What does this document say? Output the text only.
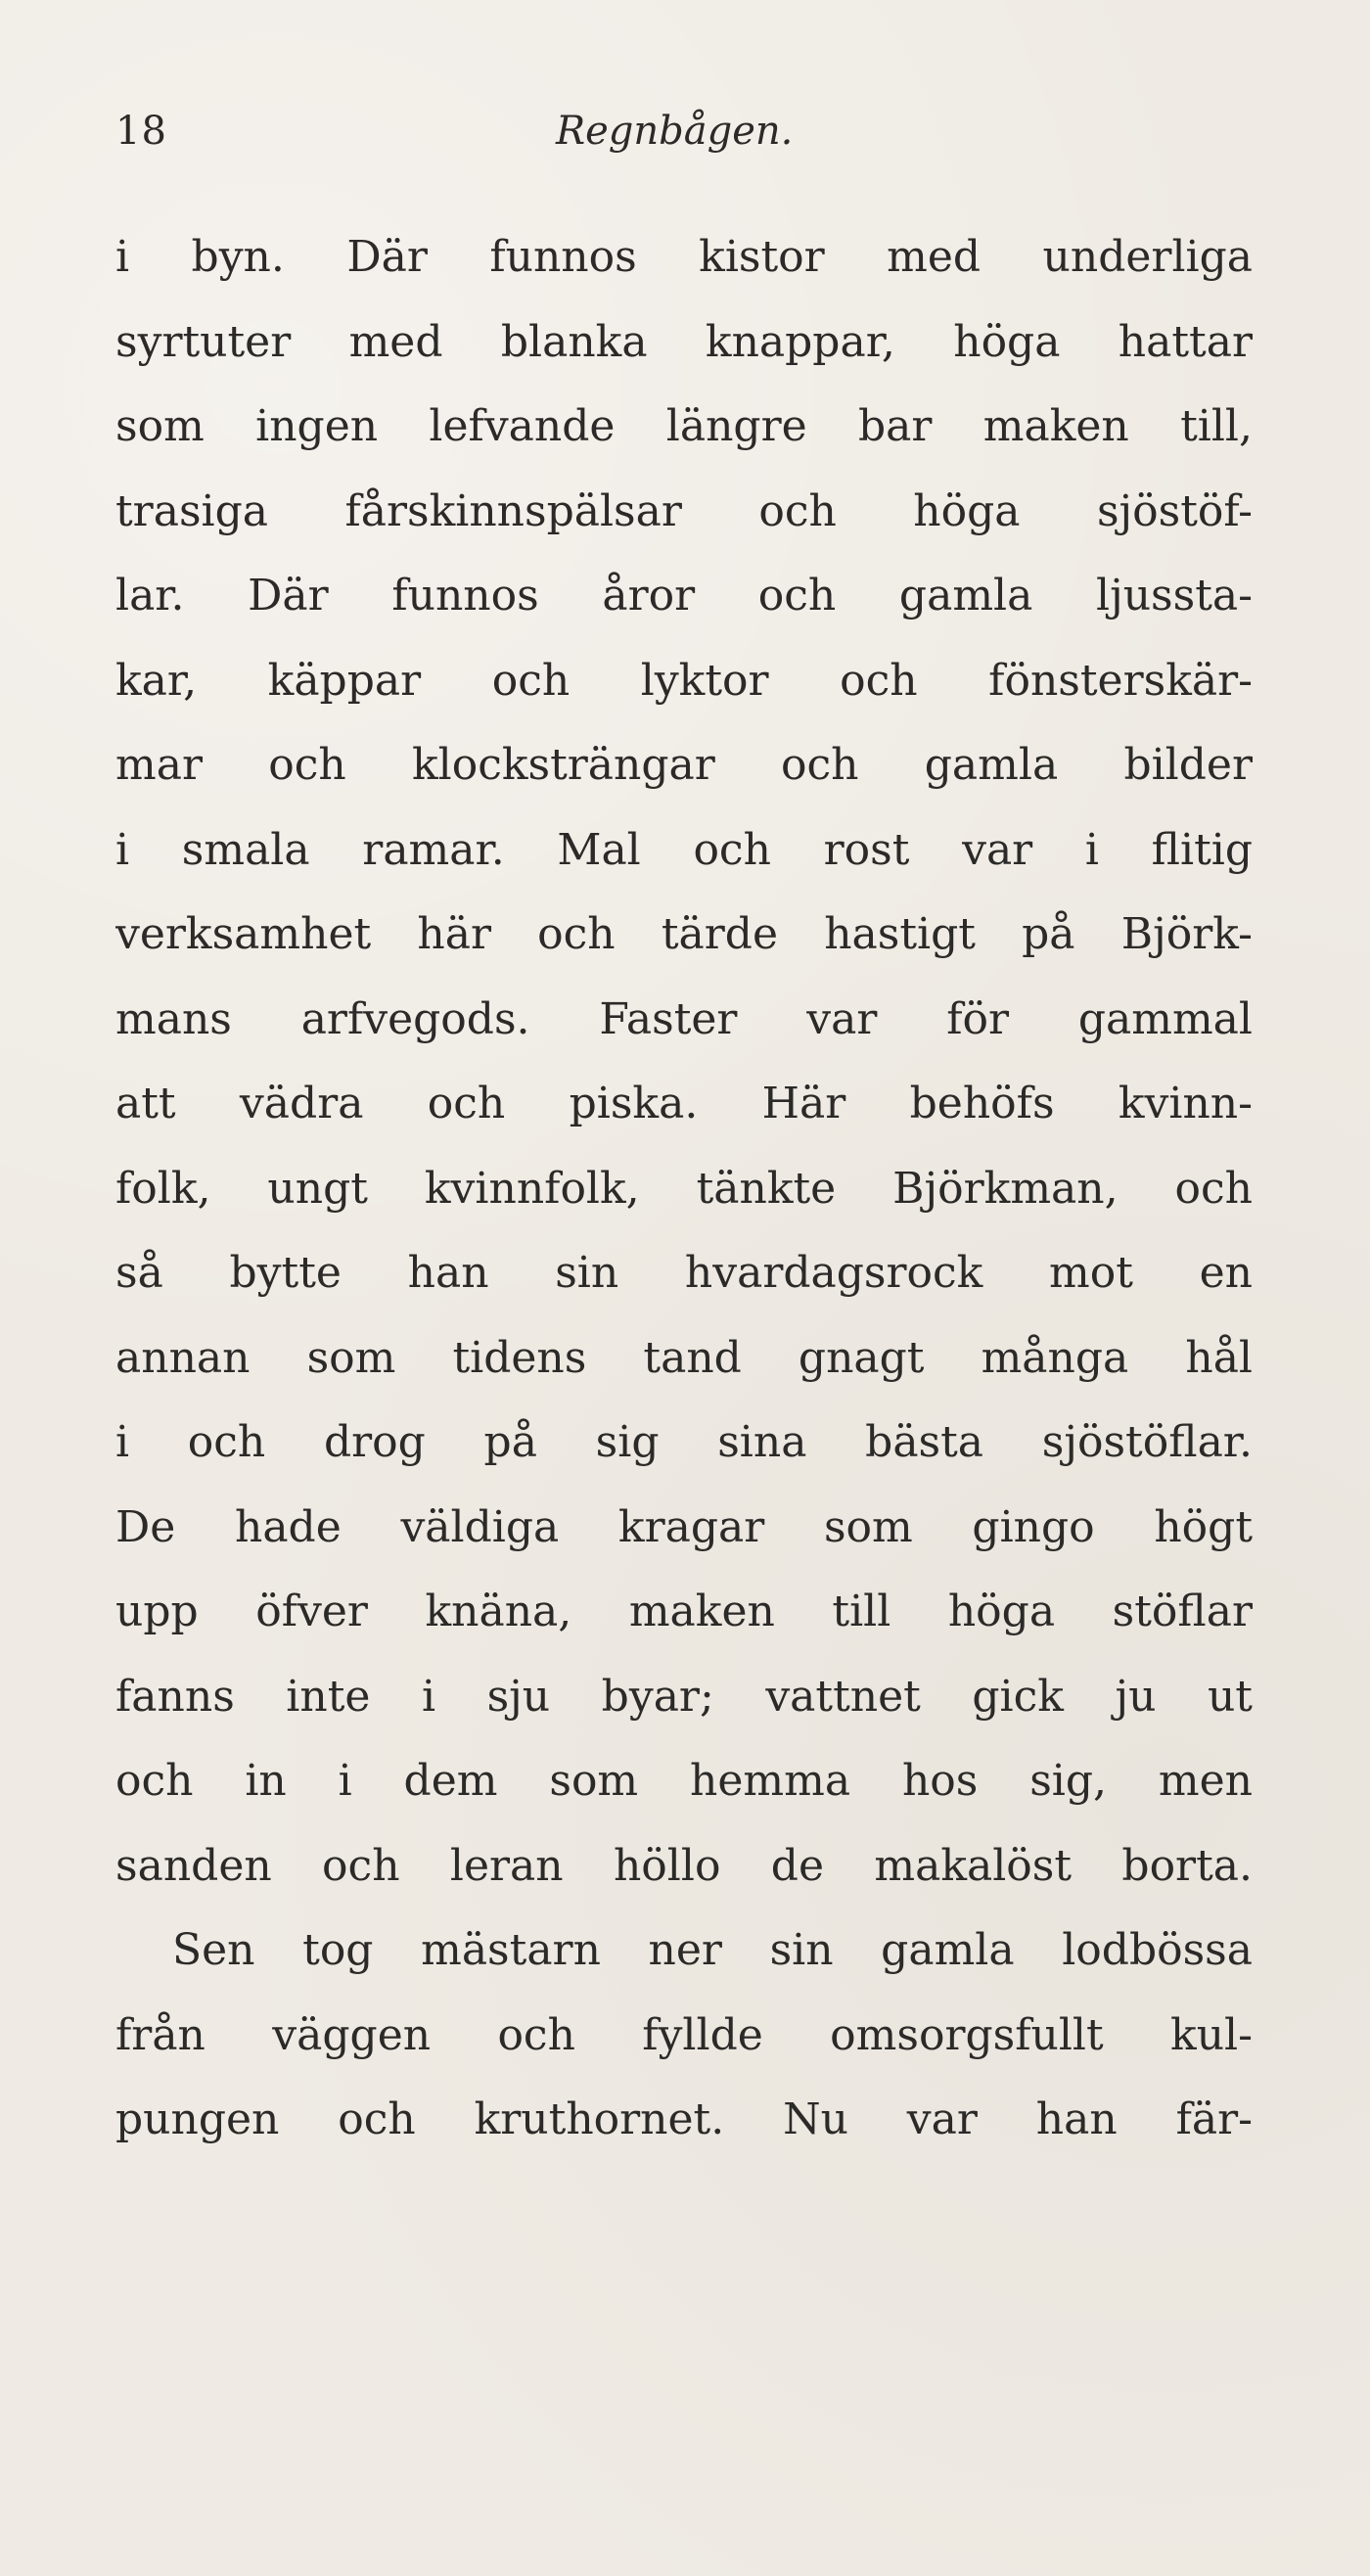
18	Regnbågen.
i byn. Där funnos kistor med underliga
syrtuter med blanka knappar, höga hattar
som ingen lefvande längre bar maken till,
trasiga fårskinnspälsar och höga sjöstöf-
lar. Där funnos åror och gamla ljussta-
kar, käppar och lyktor och fönsterskär-
mar och klocksträngar och gamla bilder
i smala ramar. Mal och rost var i flitig
verksamhet här och tärde hastigt på Björk-
mans arfvegods. Faster var för gammal
att vädra och piska. Här behöfs kvinn-
folk, ungt kvinnfolk, tänkte Björkman, och
så bytte han sin hvardagsrock mot en
annan som tidens tand gnagt många hål
i och drog på sig sina bästa sjöstöflar.
De hade väldiga kragar som gingo högt
upp öfver knäna, maken till höga stöflar
fanns inte i sju byar; vattnet gick ju ut
och in i dem som hemma hos sig, men
sanden och leran höllo de makalöst borta.
Sen tog mästarn ner sin gamla lodbössa
från väggen och fyllde omsorgsfullt kul-
pungen och kruthornet. Nu var han fär-
